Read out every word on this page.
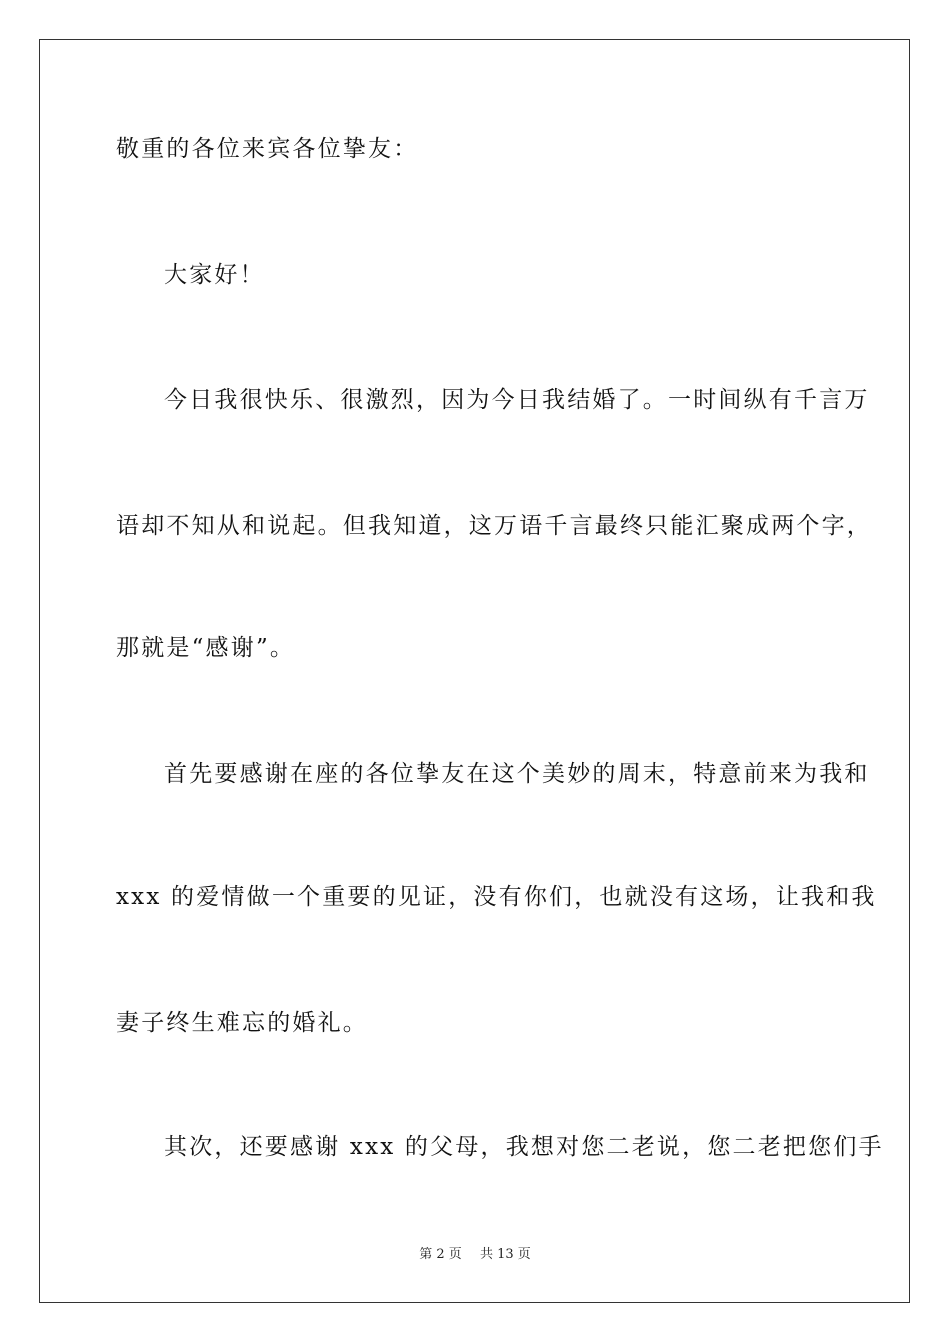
敬重的各位来宾各位挚友：
大家好！
今日我很快乐、很激烈，因为今日我结婚了。一时间纵有千言万
语却不知从和说起。但我知道，这万语千言最终只能汇聚成两个字，
那就是“感谢”。
首先要感谢在座的各位挚友在这个美妙的周末，特意前来为我和
xxx 的爱情做一个重要的见证，没有你们，也就没有这场，让我和我
妻子终生难忘的婚礼。
其次，还要感谢 xxx 的父母，我想对您二老说，您二老把您们手
第 2 页 共 13 页
